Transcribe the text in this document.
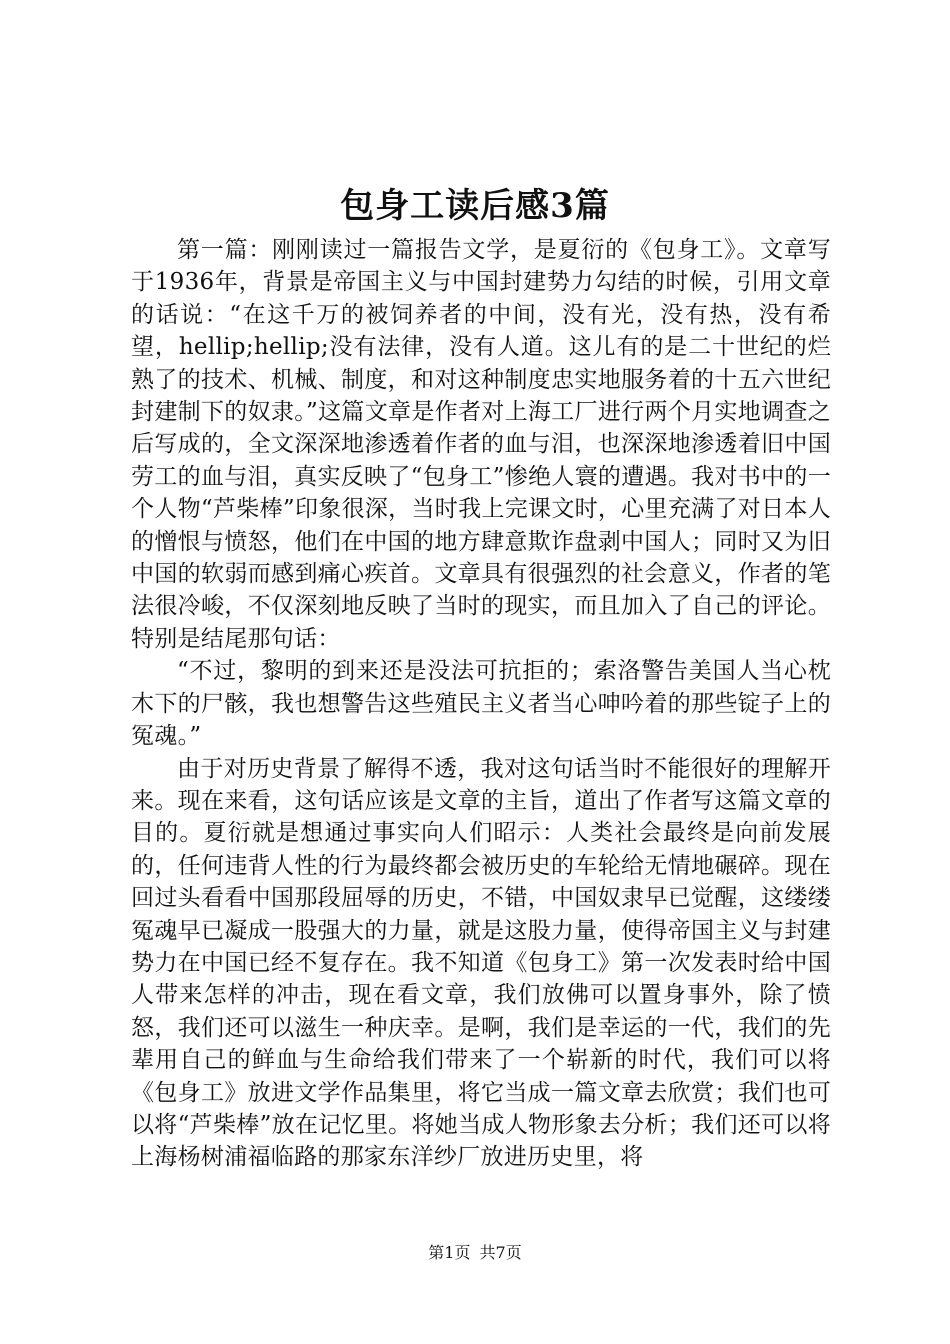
包身工读后感3篇

第一篇：刚刚读过一篇报告文学，是夏衍的《包身工》。文章写于1936年，背景是帝国主义与中国封建势力勾结的时候，引用文章的话说：“在这千万的被饲养者的中间，没有光，没有热，没有希望，hellip;hellip;没有法律，没有人道。这儿有的是二十世纪的烂熟了的技术、机械、制度，和对这种制度忠实地服务着的十五六世纪封建制下的奴隶。”这篇文章是作者对上海工厂进行两个月实地调查之后写成的，全文深深地渗透着作者的血与泪，也深深地渗透着旧中国劳工的血与泪，真实反映了“包身工”惨绝人寰的遭遇。我对书中的一个人物“芦柴棒”印象很深，当时我上完课文时，心里充满了对日本人的憎恨与愤怒，他们在中国的地方肆意欺诈盘剥中国人；同时又为旧中国的软弱而感到痛心疾首。文章具有很强烈的社会意义，作者的笔法很冷峻，不仅深刻地反映了当时的现实，而且加入了自己的评论。特别是结尾那句话：

“不过，黎明的到来还是没法可抗拒的；索洛警告美国人当心枕木下的尸骸，我也想警告这些殖民主义者当心呻吟着的那些锭子上的冤魂。”

由于对历史背景了解得不透，我对这句话当时不能很好的理解开来。现在来看，这句话应该是文章的主旨，道出了作者写这篇文章的目的。夏衍就是想通过事实向人们昭示：人类社会最终是向前发展的，任何违背人性的行为最终都会被历史的车轮给无情地碾碎。现在回过头看看中国那段屈辱的历史，不错，中国奴隶早已觉醒，这缕缕冤魂早已凝成一股强大的力量，就是这股力量，使得帝国主义与封建势力在中国已经不复存在。我不知道《包身工》第一次发表时给中国人带来怎样的冲击，现在看文章，我们放佛可以置身事外，除了愤怒，我们还可以滋生一种庆幸。是啊，我们是幸运的一代，我们的先辈用自己的鲜血与生命给我们带来了一个崭新的时代，我们可以将《包身工》放进文学作品集里，将它当成一篇文章去欣赏；我们也可以将“芦柴棒”放在记忆里。将她当成人物形象去分析；我们还可以将上海杨树浦福临路的那家东洋纱厂放进历史里，将

第1页 共7页
